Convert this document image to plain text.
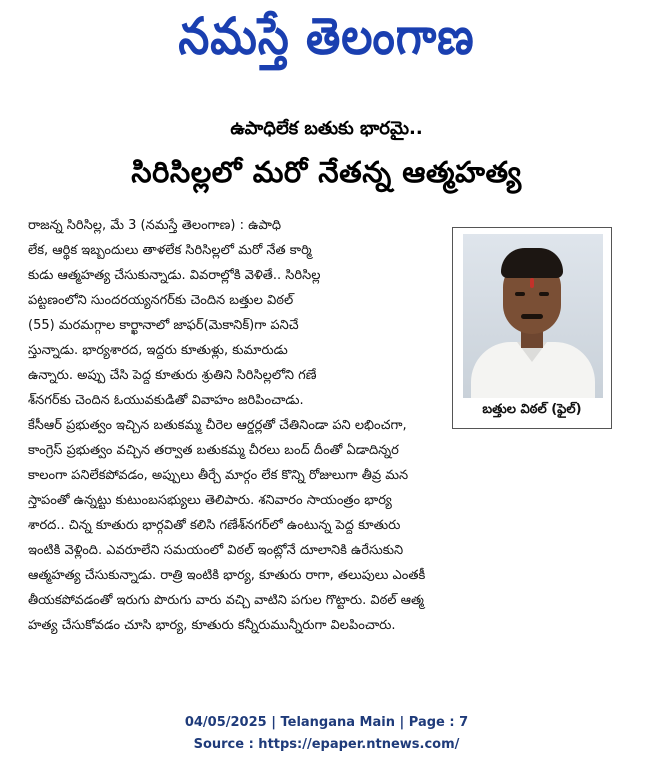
నమస్తే తెలంగాణ
ఉపాధిలేక బతుకు భారమై..
సిరిసిల్లలో మరో నేతన్న ఆత్మహత్య
రాజన్న సిరిసిల్ల, మే 3 (నమస్తే తెలంగాణ) : ఉపాధి
లేక, ఆర్థిక ఇబ్బందులు తాళలేక సిరిసిల్లలో మరో నేత కార్మి
కుడు ఆత్మహత్య చేసుకున్నాడు. వివరాల్లోకి వెళితే.. సిరిసిల్ల
పట్టణంలోని సుందరయ్యనగర్‌కు చెందిన బత్తుల విఠల్
(55) మరమగ్గాల కార్ఖానాలో జాఫర్(మెకానిక్)గా పనిచే
స్తున్నాడు. భార్యశారద, ఇద్దరు కూతుళ్లు, కుమారుడు
ఉన్నారు. అప్పు చేసి పెద్ద కూతురు శ్రుతిని సిరిసిల్లలోని గణే
శ్‌నగర్‌కు చెందిన ఓయువకుడితో వివాహం జరిపించాడు.
కేసీఆర్ ప్రభుత్వం ఇచ్చిన బతుకమ్మ చీరెల ఆర్డర్లతో చేతినిండా పని లభించగా,
కాంగ్రెస్ ప్రభుత్వం వచ్చిన తర్వాత బతుకమ్మ చీరలు బంద్ దీంతో ఏడాదిన్నర
కాలంగా పనిలేకపోవడం, అప్పులు తీర్చే మార్గం లేక కొన్ని రోజులుగా తీవ్ర మన
స్తాపంతో ఉన్నట్టు కుటుంబసభ్యులు తెలిపారు. శనివారం సాయంత్రం భార్య
శారద.. చిన్న కూతురు భార్గవితో కలిసి గణేశ్‌నగర్‌లో ఉంటున్న పెద్ద కూతురు
ఇంటికి వెళ్లింది. ఎవరూలేని సమయంలో విఠల్ ఇంట్లోనే దూలానికి ఉరేసుకుని
ఆత్మహత్య చేసుకున్నాడు. రాత్రి ఇంటికి భార్య, కూతురు రాగా, తలుపులు ఎంతకీ
తీయకపోవడంతో ఇరుగు పొరుగు వారు వచ్చి వాటిని పగుల గొట్టారు. విఠల్ ఆత్మ
హత్య చేసుకోవడం చూసి భార్య, కూతురు కన్నీరుమున్నీరుగా విలపించారు.
బత్తుల విఠల్ (ఫైల్)
04/05/2025 | Telangana Main | Page : 7
Source : https://epaper.ntnews.com/
